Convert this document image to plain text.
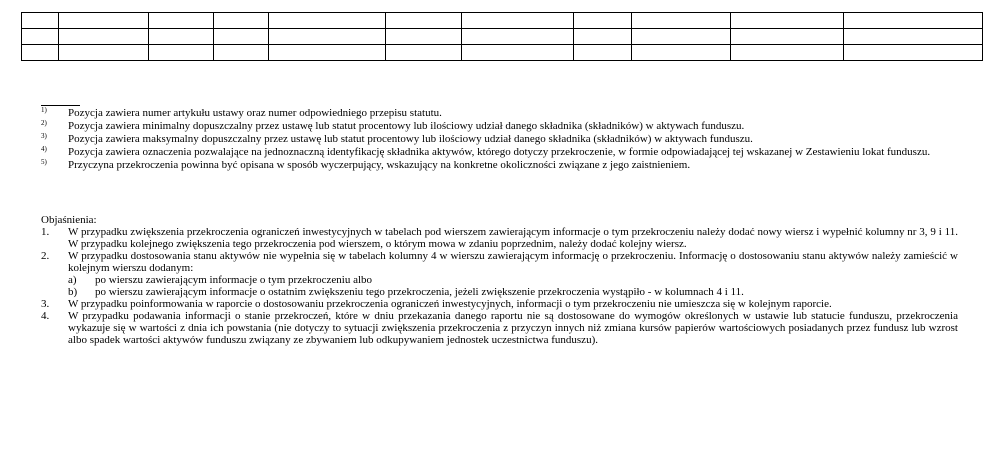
1) Pozycja zawiera numer artykułu ustawy oraz numer odpowiedniego przepisu statutu.
2) Pozycja zawiera minimalny dopuszczalny przez ustawę lub statut procentowy lub ilościowy udział danego składnika (składników) w aktywach funduszu.
3) Pozycja zawiera maksymalny dopuszczalny przez ustawę lub statut procentowy lub ilościowy udział danego składnika (składników) w aktywach funduszu.
4) Pozycja zawiera oznaczenia pozwalające na jednoznaczną identyfikację składnika aktywów, którego dotyczy przekroczenie, w formie odpowiadającej tej wskazanej w Zestawieniu lokat funduszu.
5) Przyczyna przekroczenia powinna być opisana w sposób wyczerpujący, wskazujący na konkretne okoliczności związane z jego zaistnieniem.
Objaśnienia:
1. W przypadku zwiększenia przekroczenia ograniczeń inwestycyjnych w tabelach pod wierszem zawierającym informacje o tym przekroczeniu należy dodać nowy wiersz i wypełnić kolumny nr 3, 9 i 11. W przypadku kolejnego zwiększenia tego przekroczenia pod wierszem, o którym mowa w zdaniu poprzednim, należy dodać kolejny wiersz.
2. W przypadku dostosowania stanu aktywów nie wypełnia się w tabelach kolumny 4 w wierszu zawierającym informację o przekroczeniu. Informację o dostosowaniu stanu aktywów należy zamieścić w kolejnym wierszu dodanym:
a) po wierszu zawierającym informacje o tym przekroczeniu albo
b) po wierszu zawierającym informacje o ostatnim zwiększeniu tego przekroczenia, jeżeli zwiększenie przekroczenia wystąpiło - w kolumnach 4 i 11.
3. W przypadku poinformowania w raporcie o dostosowaniu przekroczenia ograniczeń inwestycyjnych, informacji o tym przekroczeniu nie umieszcza się w kolejnym raporcie.
4. W przypadku podawania informacji o stanie przekroczeń, które w dniu przekazania danego raportu nie są dostosowane do wymogów określonych w ustawie lub statucie funduszu, przekroczenia wykazuje się w wartości z dnia ich powstania (nie dotyczy to sytuacji zwiększenia przekroczenia z przyczyn innych niż zmiana kursów papierów wartościowych posiadanych przez fundusz lub wzrost albo spadek wartości aktywów funduszu związany ze zbywaniem lub odkupywaniem jednostek uczestnictwa funduszu).
